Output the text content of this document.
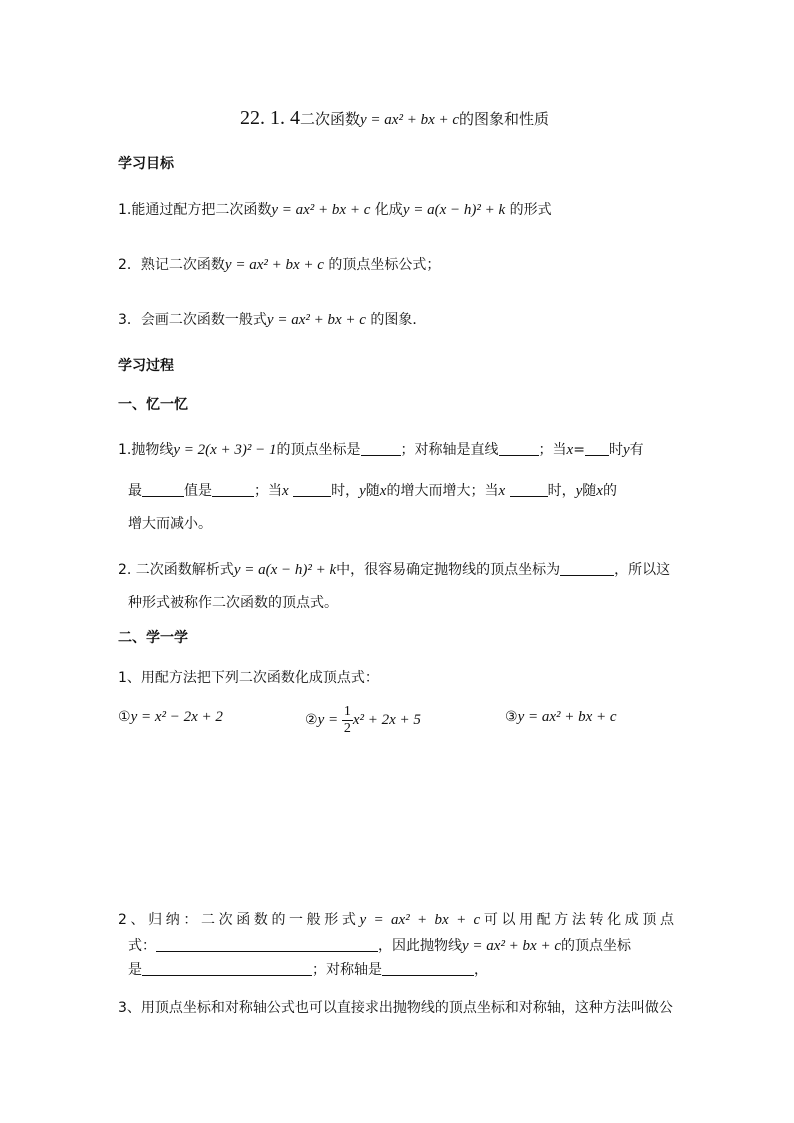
22. 1. 4二次函数y = ax² + bx + c的图象和性质
学习目标
1.能通过配方把二次函数y = ax² + bx + c 化成y = a(x − h)² + k 的形式
2．熟记二次函数y = ax² + bx + c 的顶点坐标公式；
3．会画二次函数一般式y = ax² + bx + c 的图象．
学习过程
一、忆一忆
1.抛物线y = 2(x + 3)² − 1的顶点坐标是	；对称轴是直线	；当x= 时y有
最	值是	；当x	时，y随x的增大而增大；当x	时，y随x的
增大而减小。
2. 二次函数解析式y = a(x − h)² + k中，很容易确定抛物线的顶点坐标为	，所以这
种形式被称作二次函数的顶点式。
二、学一学
1、用配方法把下列二次函数化成顶点式：
①y = x² − 2x + 2	②y = $\frac{1}{2} x^2 + 2x + 5$	③y = ax² + bx + c
2、归纳：二次函数的一般形式y = ax² + bx + c可以用配方法转化成顶点
式：	，因此抛物线y = ax² + bx + c的顶点坐标
是	；对称轴是	，
3、用顶点坐标和对称轴公式也可以直接求出抛物线的顶点坐标和对称轴，这种方法叫做公
